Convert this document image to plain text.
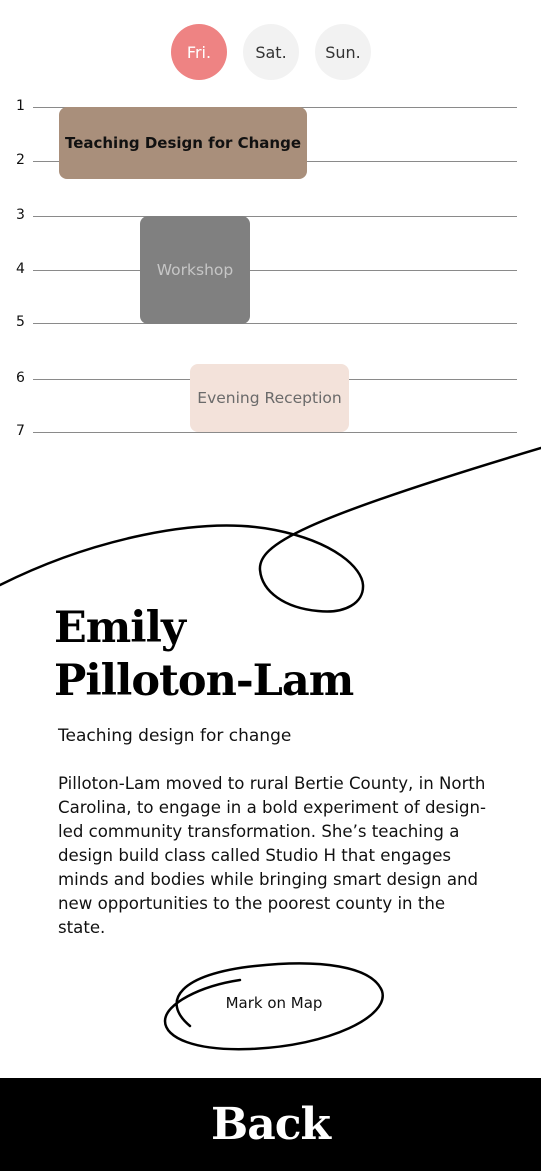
Fri.	Sat.	Sun.
1
2
3
4
5
6
7
Teaching Design for Change
Workshop
Evening Reception
Emily
Pilloton-Lam

Teaching design for change

Pilloton-Lam moved to rural Bertie County, in North Carolina, to engage in a bold experiment of design-led community transformation. She’s teaching a design build class called Studio H that engages minds and bodies while bringing smart design and new opportunities to the poorest county in the state.

Mark on Map
Back
